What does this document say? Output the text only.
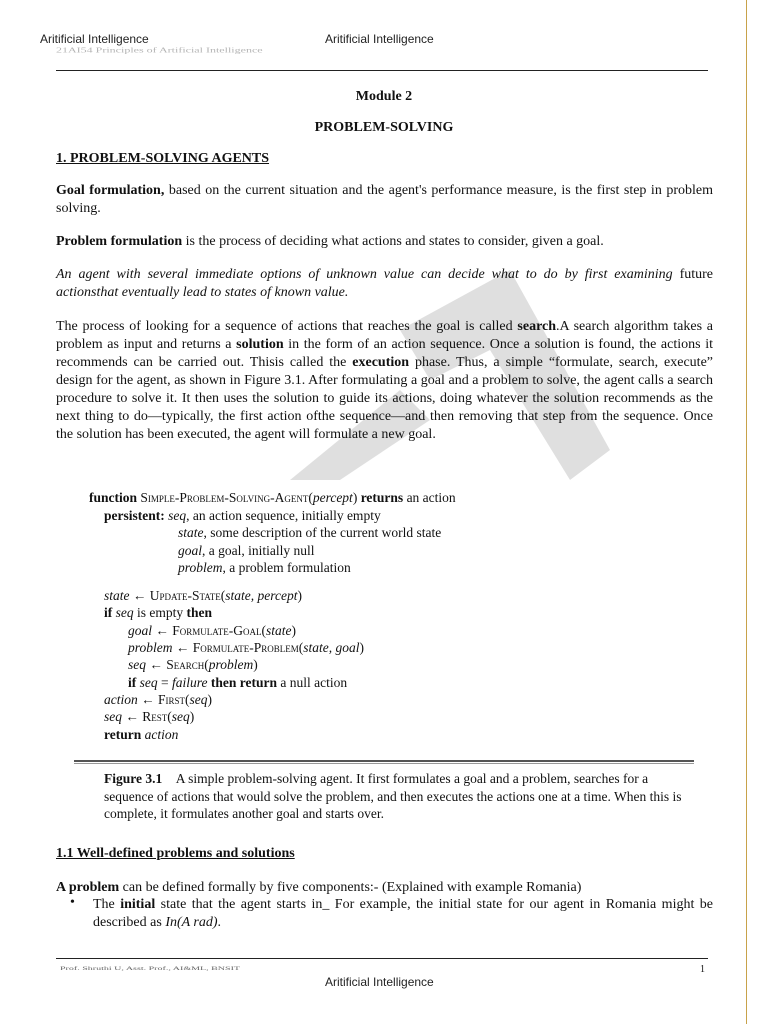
Aritificial Intelligence	Aritificial Intelligence
21AI54 Principles of Artificial Intelligence
Module 2
PROBLEM-SOLVING
1. PROBLEM-SOLVING AGENTS
Goal formulation, based on the current situation and the agent's performance measure, is the first step in problem solving.
Problem formulation is the process of deciding what actions and states to consider, given a goal.
An agent with several immediate options of unknown value can decide what to do by first examining future actionsthat eventually lead to states of known value.
The process of looking for a sequence of actions that reaches the goal is called search.A search algorithm takes a problem as input and returns a solution in the form of an action sequence. Once a solution is found, the actions it recommends can be carried out. Thisis called the execution phase. Thus, a simple “formulate, search, execute” design for the agent, as shown in Figure 3.1. After formulating a goal and a problem to solve, the agent calls a search procedure to solve it. It then uses the solution to guide its actions, doing whatever the solution recommends as the next thing to do—typically, the first action ofthe sequence—and then removing that step from the sequence. Once the solution has been executed, the agent will formulate a new goal.
function Simple-Problem-Solving-Agent(percept) returns an action
persistent: seq, an action sequence, initially empty
state, some description of the current world state
goal, a goal, initially null
problem, a problem formulation
state ← Update-State(state, percept)
if seq is empty then
goal ← Formulate-Goal(state)
problem ← Formulate-Problem(state, goal)
seq ← Search(problem)
if seq = failure then return a null action
action ← First(seq)
seq ← Rest(seq)
return action
Figure 3.1 A simple problem-solving agent. It first formulates a goal and a problem, searches for a sequence of actions that would solve the problem, and then executes the actions one at a time. When this is complete, it formulates another goal and starts over.
1.1 Well-defined problems and solutions
A problem can be defined formally by five components:- (Explained with example Romania)
• The initial state that the agent starts in_ For example, the initial state for our agent in Romania might be described as In(A rad).
Prof. Shruthi U, Asst. Prof., AI&ML, BNSIT	1
Aritificial Intelligence
